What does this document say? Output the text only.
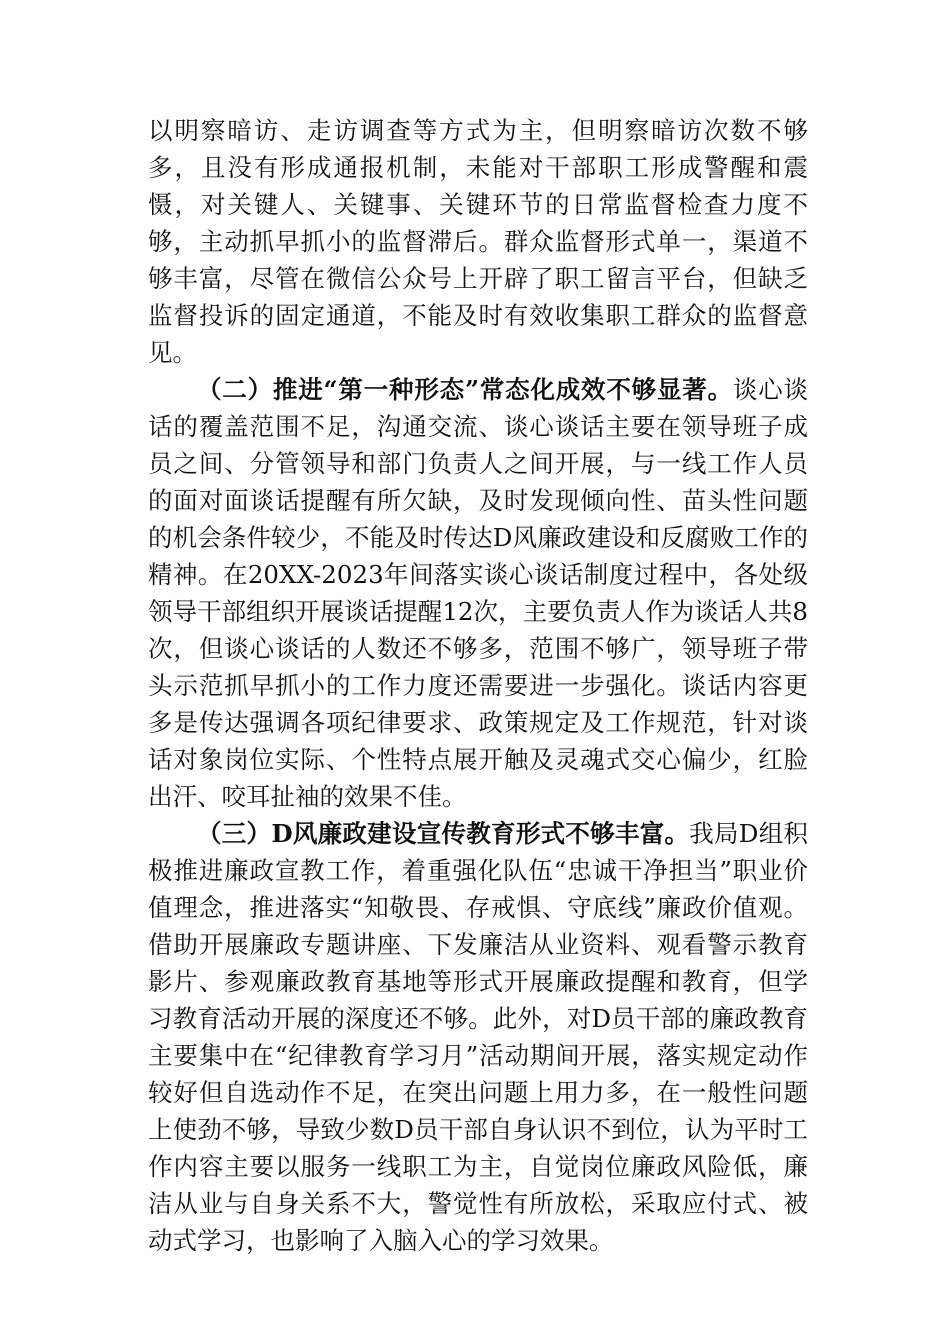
以明察暗访、走访调查等方式为主，但明察暗访次数不够多，且没有形成通报机制，未能对干部职工形成警醒和震慑，对关键人、关键事、关键环节的日常监督检查力度不够，主动抓早抓小的监督滞后。群众监督形式单一，渠道不够丰富，尽管在微信公众号上开辟了职工留言平台，但缺乏监督投诉的固定通道，不能及时有效收集职工群众的监督意见。

（二）推进“第一种形态”常态化成效不够显著。谈心谈话的覆盖范围不足，沟通交流、谈心谈话主要在领导班子成员之间、分管领导和部门负责人之间开展，与一线工作人员的面对面谈话提醒有所欠缺，及时发现倾向性、苗头性问题的机会条件较少，不能及时传达D风廉政建设和反腐败工作的精神。在20XX-2023年间落实谈心谈话制度过程中，各处级领导干部组织开展谈话提醒12次，主要负责人作为谈话人共8次，但谈心谈话的人数还不够多，范围不够广，领导班子带头示范抓早抓小的工作力度还需要进一步强化。谈话内容更多是传达强调各项纪律要求、政策规定及工作规范，针对谈话对象岗位实际、个性特点展开触及灵魂式交心偏少，红脸出汗、咬耳扯袖的效果不佳。

（三）D风廉政建设宣传教育形式不够丰富。我局D组积极推进廉政宣教工作，着重强化队伍“忠诚干净担当”职业价值理念，推进落实“知敬畏、存戒惧、守底线”廉政价值观。借助开展廉政专题讲座、下发廉洁从业资料、观看警示教育影片、参观廉政教育基地等形式开展廉政提醒和教育，但学习教育活动开展的深度还不够。此外，对D员干部的廉政教育主要集中在“纪律教育学习月”活动期间开展，落实规定动作较好但自选动作不足，在突出问题上用力多，在一般性问题上使劲不够，导致少数D员干部自身认识不到位，认为平时工作内容主要以服务一线职工为主，自觉岗位廉政风险低，廉洁从业与自身关系不大，警觉性有所放松，采取应付式、被动式学习，也影响了入脑入心的学习效果。
